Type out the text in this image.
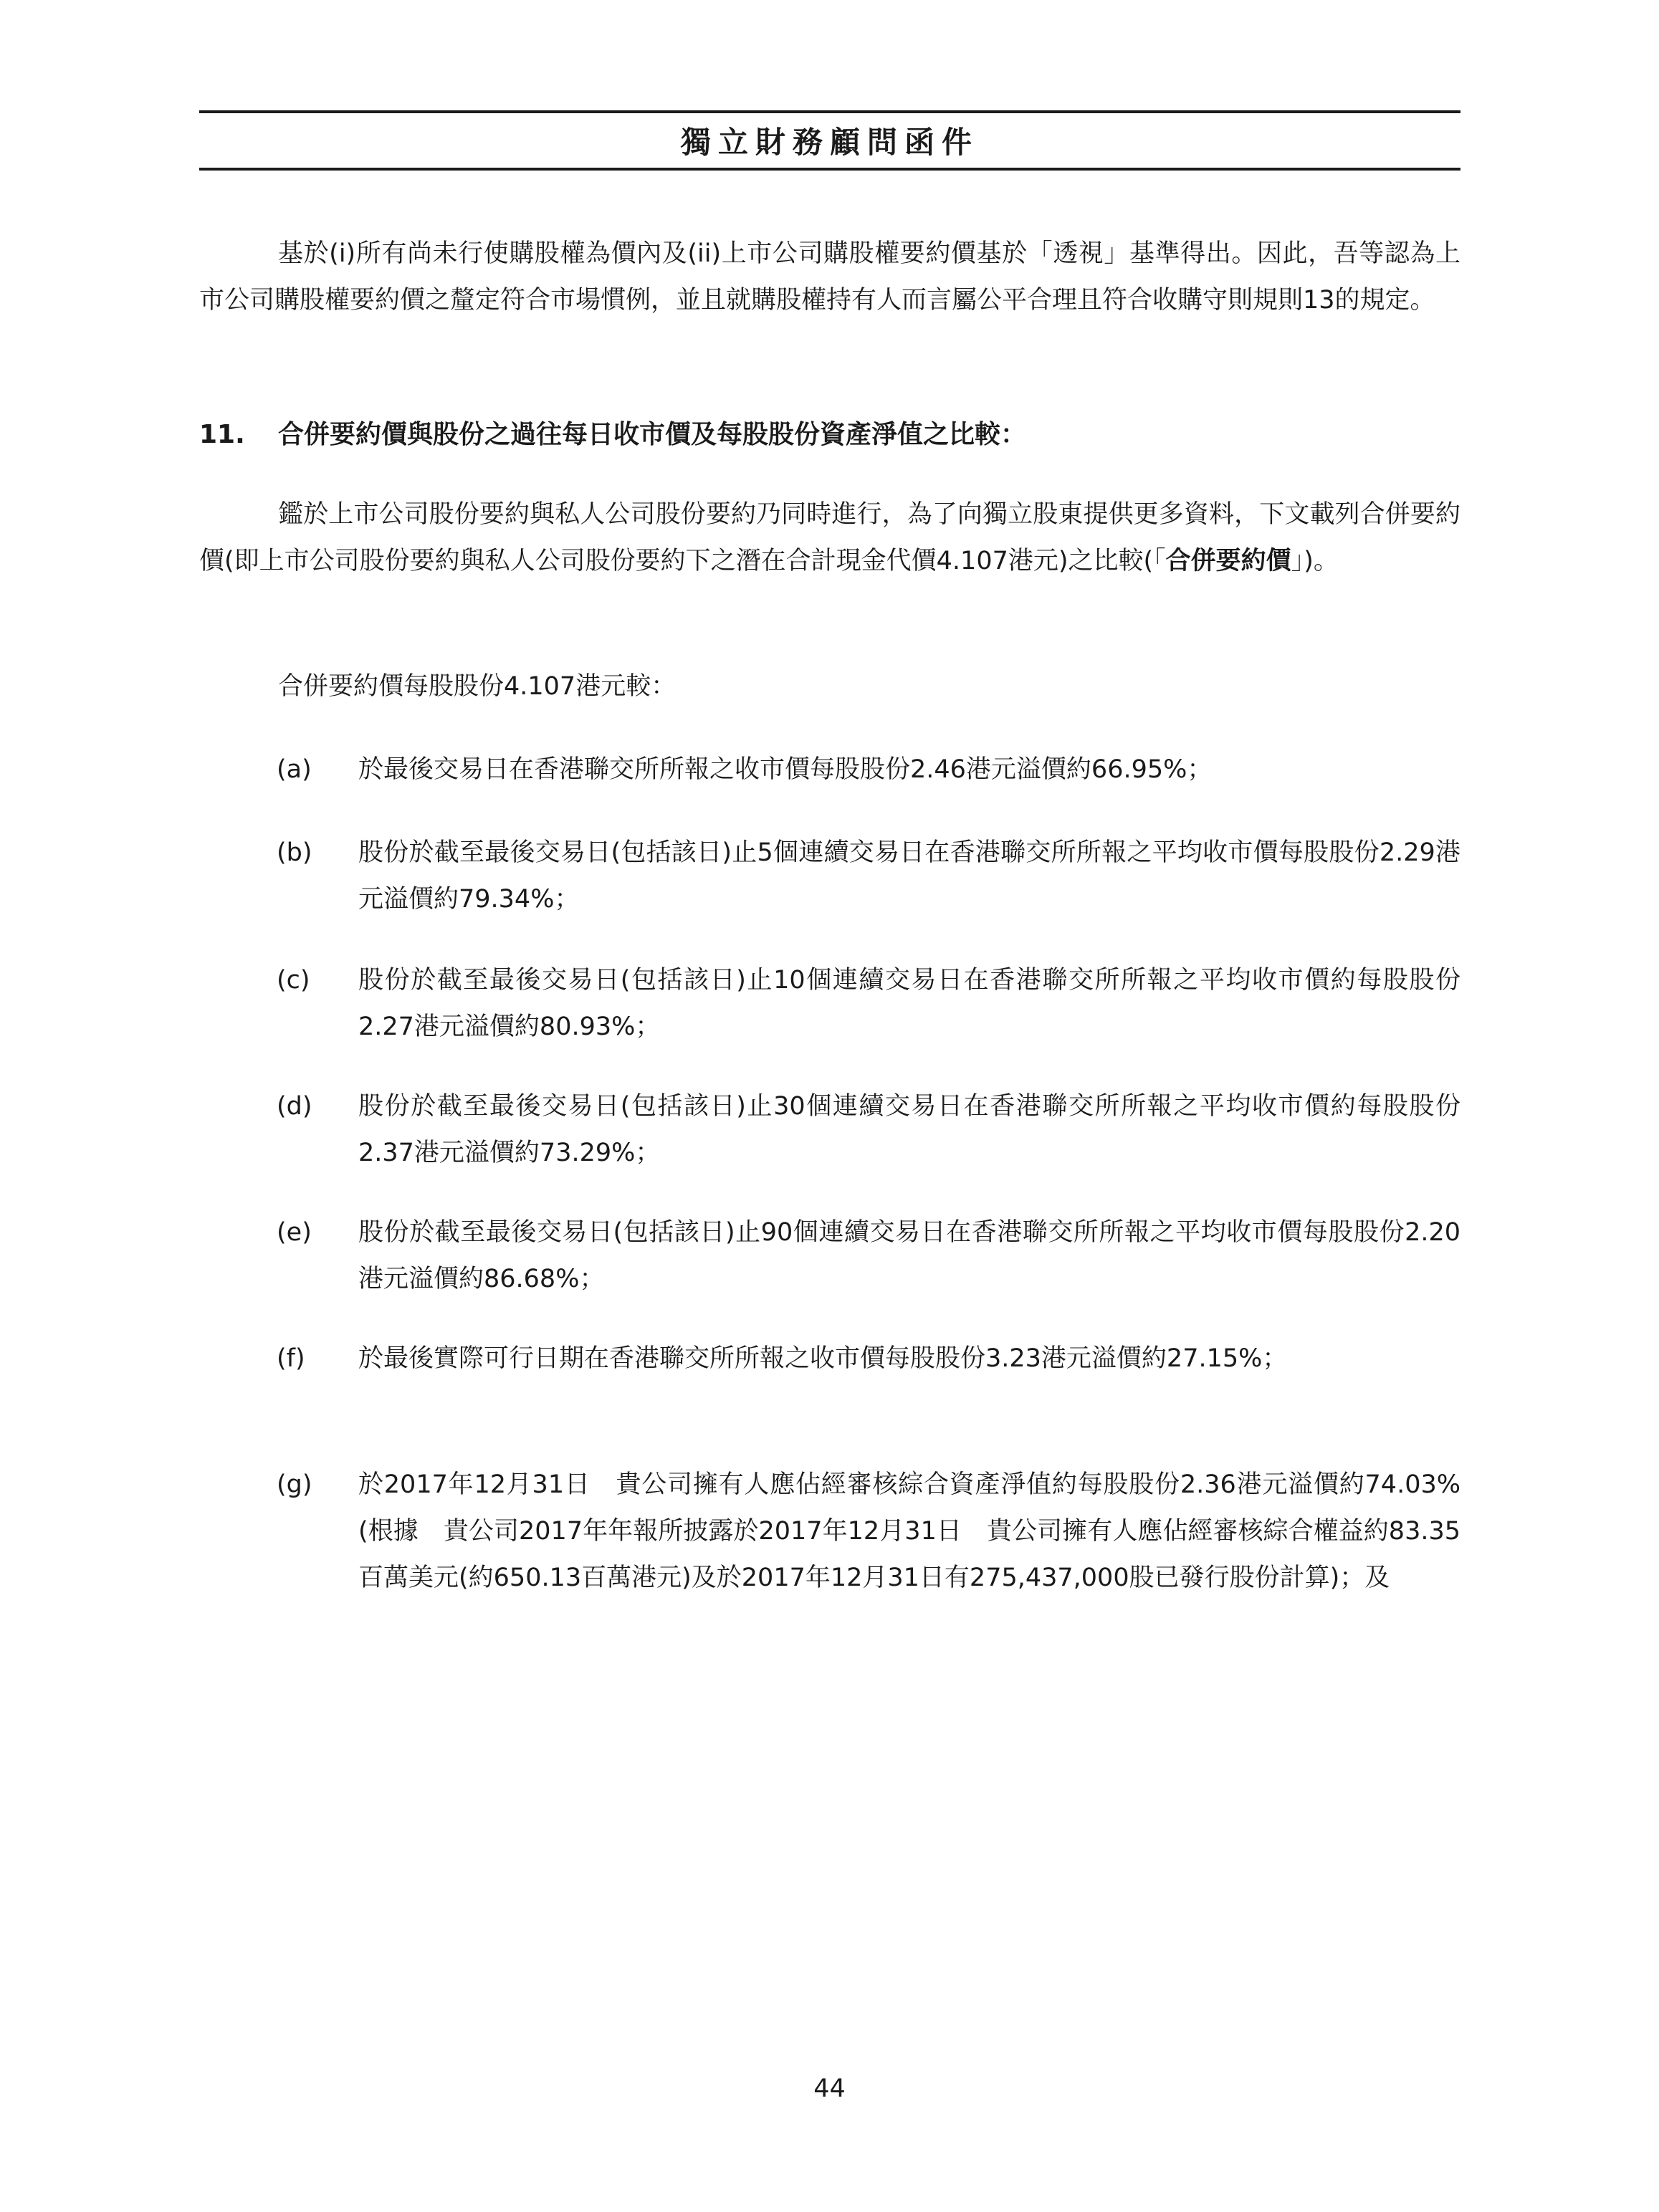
獨立財務顧問函件

基於(i)所有尚未行使購股權為價內及(ii)上市公司購股權要約價基於「透視」基準得出。因此，吾等認為上市公司購股權要約價之釐定符合市場慣例，並且就購股權持有人而言屬公平合理且符合收購守則規則13的規定。

11.	合併要約價與股份之過往每日收市價及每股股份資產淨值之比較：

鑑於上市公司股份要約與私人公司股份要約乃同時進行，為了向獨立股東提供更多資料，下文載列合併要約價(即上市公司股份要約與私人公司股份要約下之潛在合計現金代價4.107港元)之比較(「合併要約價」)。

合併要約價每股股份4.107港元較：

(a)	於最後交易日在香港聯交所所報之收市價每股股份2.46港元溢價約66.95%；
(b)	股份於截至最後交易日(包括該日)止5個連續交易日在香港聯交所所報之平均收市價每股股份2.29港元溢價約79.34%；
(c)	股份於截至最後交易日(包括該日)止10個連續交易日在香港聯交所所報之平均收市價約每股股份2.27港元溢價約80.93%；
(d)	股份於截至最後交易日(包括該日)止30個連續交易日在香港聯交所所報之平均收市價約每股股份2.37港元溢價約73.29%；
(e)	股份於截至最後交易日(包括該日)止90個連續交易日在香港聯交所所報之平均收市價每股股份2.20港元溢價約86.68%；
(f)	於最後實際可行日期在香港聯交所所報之收市價每股股份3.23港元溢價約27.15%；
(g)	於2017年12月31日　貴公司擁有人應佔經審核綜合資產淨值約每股股份2.36港元溢價約74.03%(根據　貴公司2017年年報所披露於2017年12月31日　貴公司擁有人應佔經審核綜合權益約83.35百萬美元(約650.13百萬港元)及於2017年12月31日有275,437,000股已發行股份計算)；及
44
